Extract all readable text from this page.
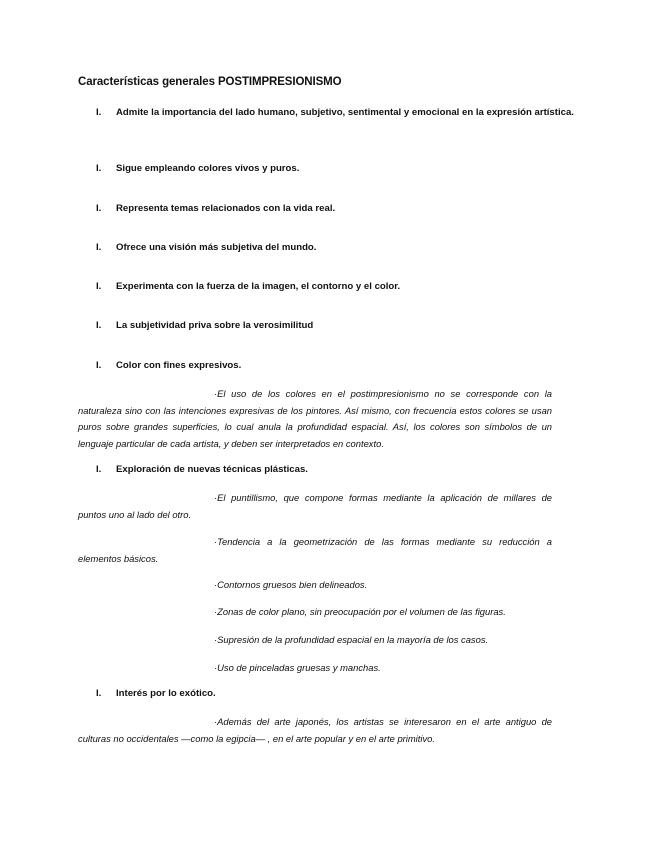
Características generales POSTIMPRESIONISMO
I. Admite la importancia del lado humano, subjetivo, sentimental y emocional en la expresión artística.
I. Sigue empleando colores vivos y puros.
I. Representa temas relacionados con la vida real.
I. Ofrece una visión más subjetiva del mundo.
I. Experimenta con la fuerza de la imagen, el contorno y el color.
I. La subjetividad priva sobre la verosimilitud
I. Color con fines expresivos.
·El uso de los colores en el postimpresionismo no se corresponde con la naturaleza sino con las intenciones expresivas de los pintores. Así mismo, con frecuencia estos colores se usan puros sobre grandes superficies, lo cual anula la profundidad espacial. Así, los colores son símbolos de un lenguaje particular de cada artista, y deben ser interpretados en contexto.
I. Exploración de nuevas técnicas plásticas.
·El puntillismo, que compone formas mediante la aplicación de millares de puntos uno al lado del otro.
·Tendencia a la geometrización de las formas mediante su reducción a elementos básicos.
·Contornos gruesos bien delineados.
·Zonas de color plano, sin preocupación por el volumen de las figuras.
·Supresión de la profundidad espacial en la mayoría de los casos.
·Uso de pinceladas gruesas y manchas.
I. Interés por lo exótico.
·Además del arte japonés, los artistas se interesaron en el arte antiguo de culturas no occidentales —como la egipcia— , en el arte popular y en el arte primitivo.
